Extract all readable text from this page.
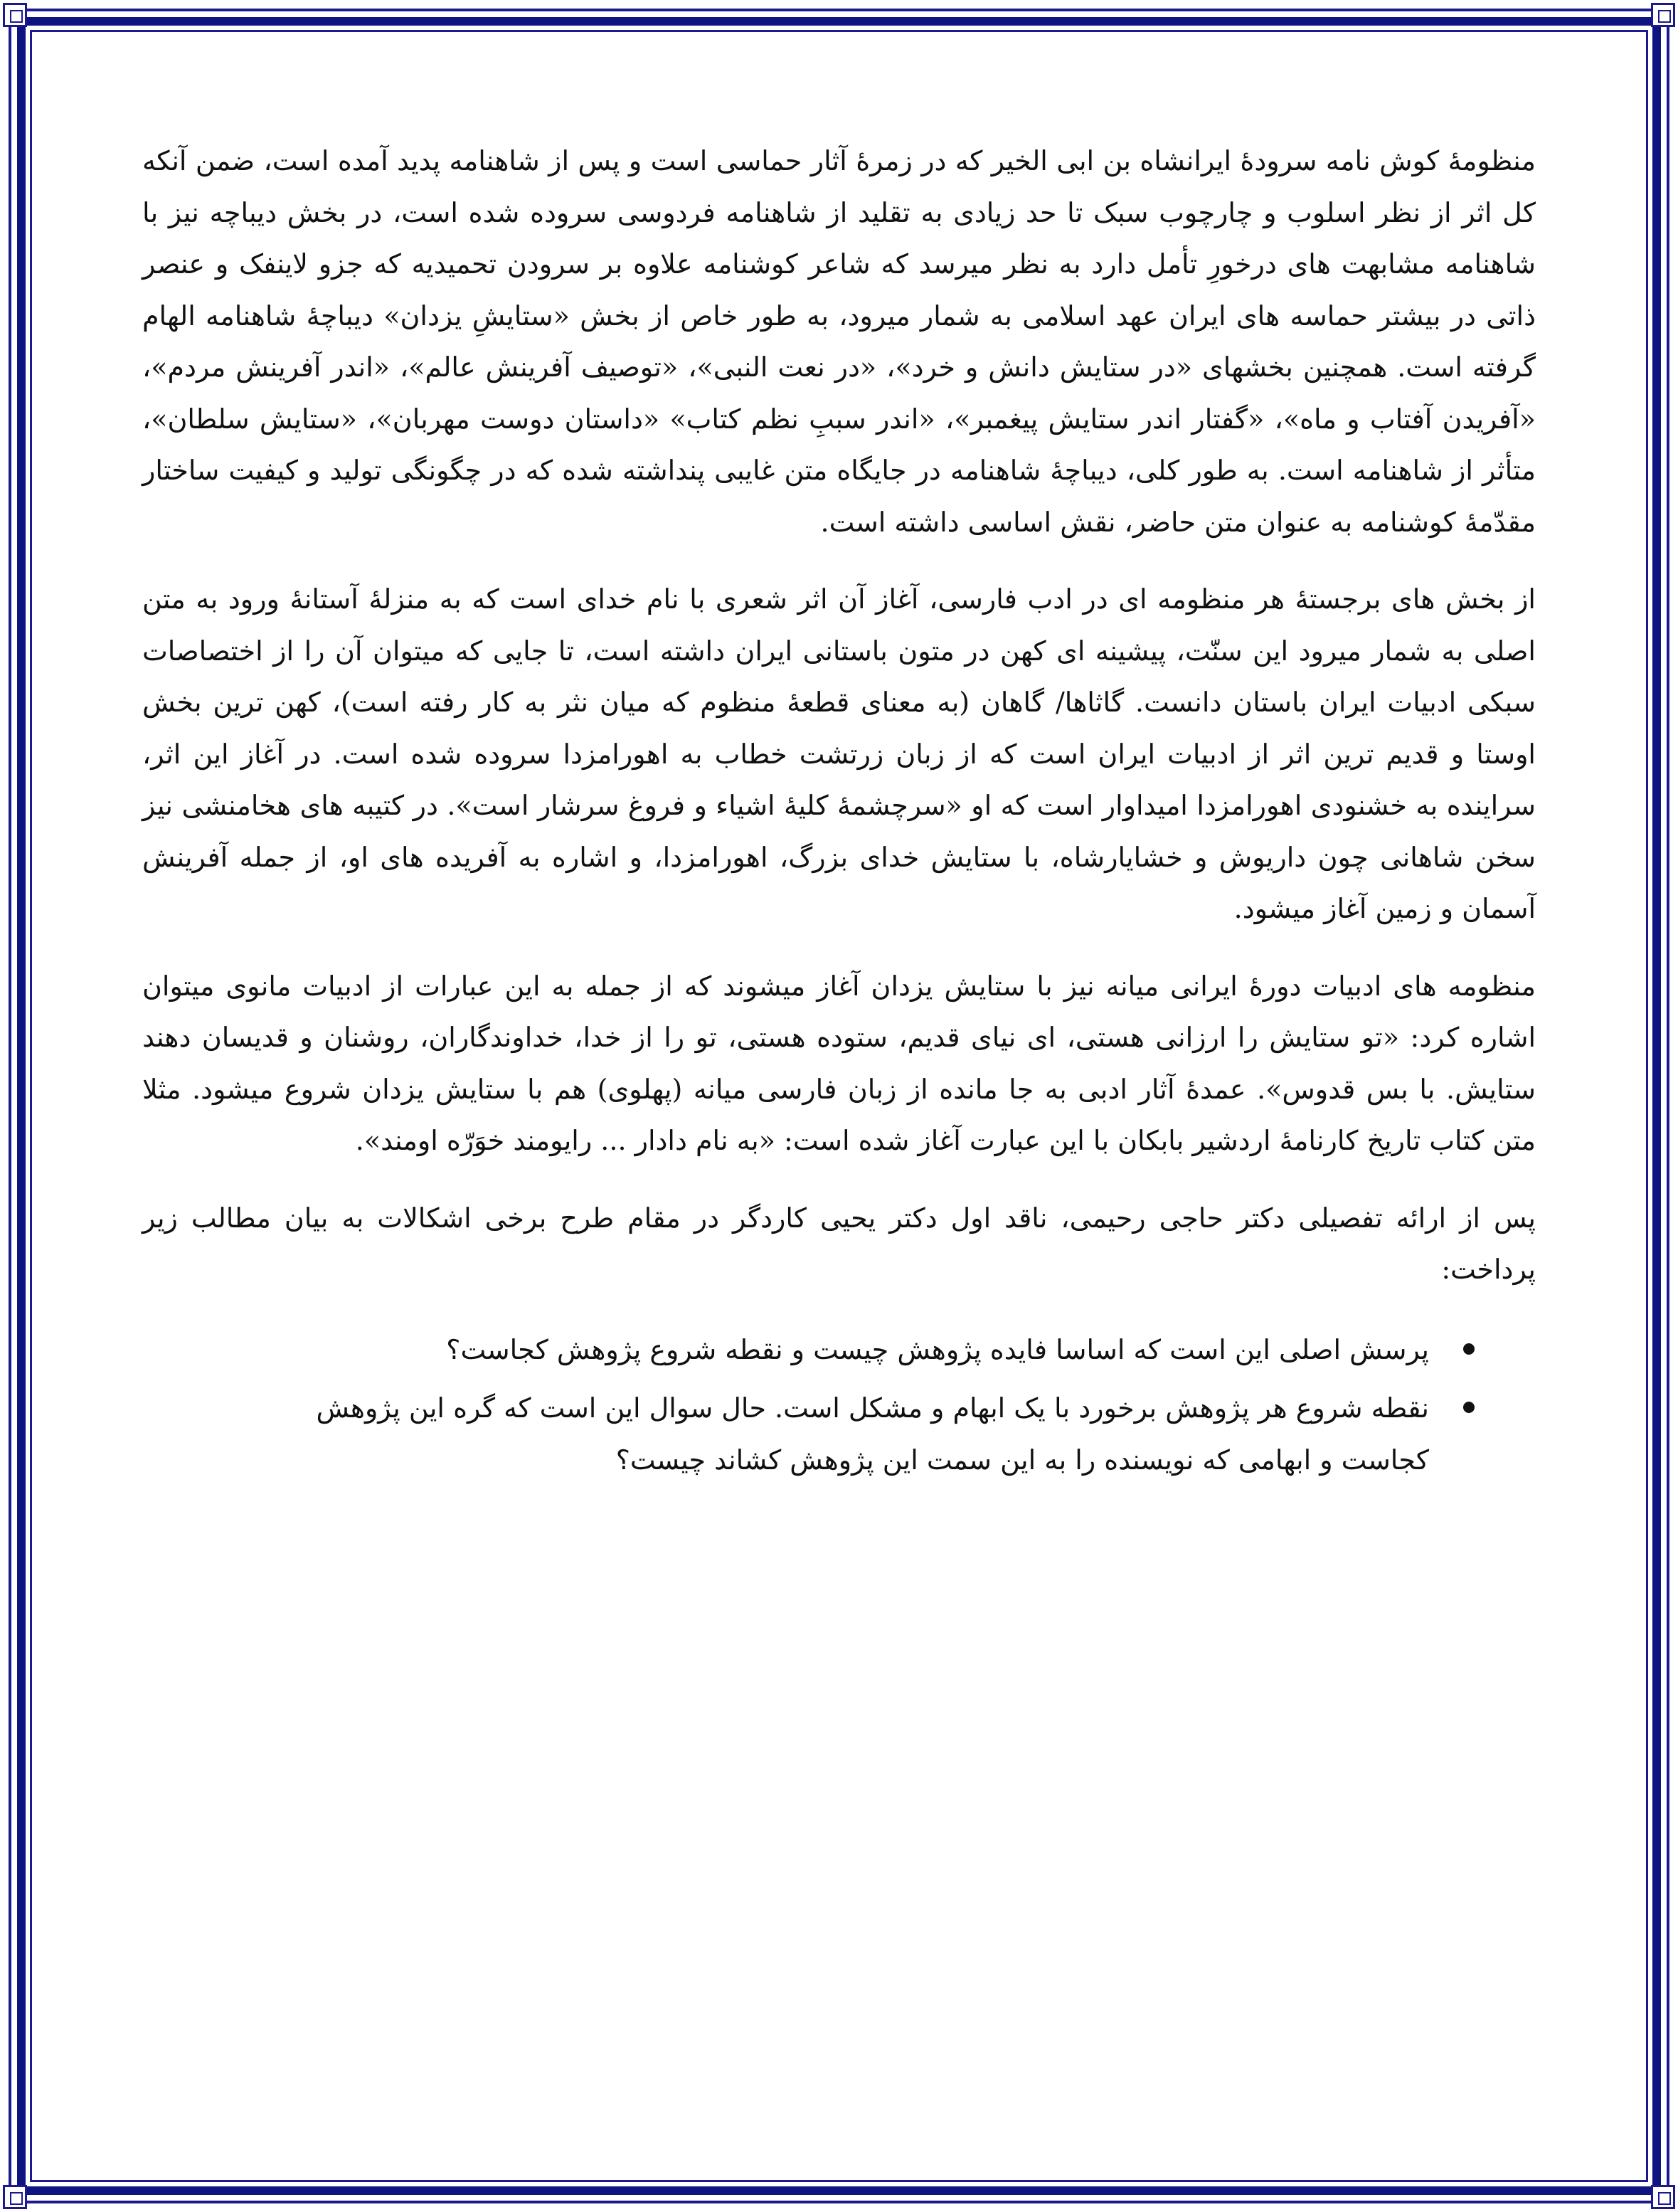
منظومهٔ کوش نامه سرودهٔ ایرانشاه بن ابی الخیر که در زمرهٔ آثار حماسی است و پس از شاهنامه پدید آمده است، ضمن آنکه کل اثر از نظر اسلوب و چارچوب سبک تا حد زیادی به تقلید از شاهنامه فردوسی سروده شده است، در بخش دیباچه نیز با شاهنامه مشابهت های درخورِ تأمل دارد به نظر میرسد که شاعر کوشنامه علاوه بر سرودن تحمیدیه که جزو لاینفک و عنصر ذاتی در بیشتر حماسه های ایران عهد اسلامی به شمار میرود، به طور خاص از بخش «ستایشِ یزدان» دیباچهٔ شاهنامه الهام گرفته است. همچنین بخشهای «در ستایش دانش و خرد»، «در نعت النبی»، «توصیف آفرینش عالم»، «اندر آفرینش مردم»، «آفریدن آفتاب و ماه»، «گفتار اندر ستایش پیغمبر»، «اندر سببِ نظم کتاب» «داستان دوست مهربان»، «ستایش سلطان»، متأثر از شاهنامه است. به طور کلی، دیباچهٔ شاهنامه در جایگاه متن غایبی پنداشته شده که در چگونگی تولید و کیفیت ساختار مقدّمهٔ کوشنامه به عنوان متن حاضر، نقش اساسی داشته است.

از بخش های برجستهٔ هر منظومه ای در ادب فارسی، آغاز آن اثر شعری با نام خدای است که به منزلهٔ آستانهٔ ورود به متن اصلی به شمار میرود این سنّت، پیشینه ای کهن در متون باستانی ایران داشته است، تا جایی که میتوان آن را از اختصاصات سبکی ادبیات ایران باستان دانست. گاثاها/ گاهان (به معنای قطعهٔ منظوم که میان نثر به کار رفته است)، کهن ترین بخش اوستا و قدیم ترین اثر از ادبیات ایران است که از زبان زرتشت خطاب به اهورامزدا سروده شده است. در آغاز این اثر، سراینده به خشنودی اهورامزدا امیداوار است که او «سرچشمهٔ کلیهٔ اشیاء و فروغ سرشار است». در کتیبه های هخامنشی نیز سخن شاهانی چون داریوش و خشایارشاه، با ستایش خدای بزرگ، اهورامزدا، و اشاره به آفریده های او، از جمله آفرینش آسمان و زمین آغاز میشود.

منظومه های ادبیات دورهٔ ایرانی میانه نیز با ستایش یزدان آغاز میشوند که از جمله به این عبارات از ادبیات مانوی میتوان اشاره کرد: «تو ستایش را ارزانی هستی، ای نیای قدیم، ستوده هستی، تو را از خدا، خداوندگاران، روشنان و قدیسان دهند ستایش. با بس قدوس». عمدهٔ آثار ادبی به جا مانده از زبان فارسی میانه (پهلوی) هم با ستایش یزدان شروع میشود. مثلا متن کتاب تاریخ کارنامهٔ اردشیر بابکان با این عبارت آغاز شده است: «به نام دادار ... رایومند خوَرّه اومند».

پس از ارائه تفصیلی دکتر حاجی رحیمی، ناقد اول دکتر یحیی کاردگر در مقام طرح برخی اشکالات به بیان مطالب زیر پرداخت:

پرسش اصلی این است که اساسا فایده پژوهش چیست و نقطه شروع پژوهش کجاست؟
نقطه شروع هر پژوهش برخورد با یک ابهام و مشکل است. حال سوال این است که گره این پژوهش کجاست و ابهامی که نویسنده را به این سمت این پژوهش کشاند چیست؟
